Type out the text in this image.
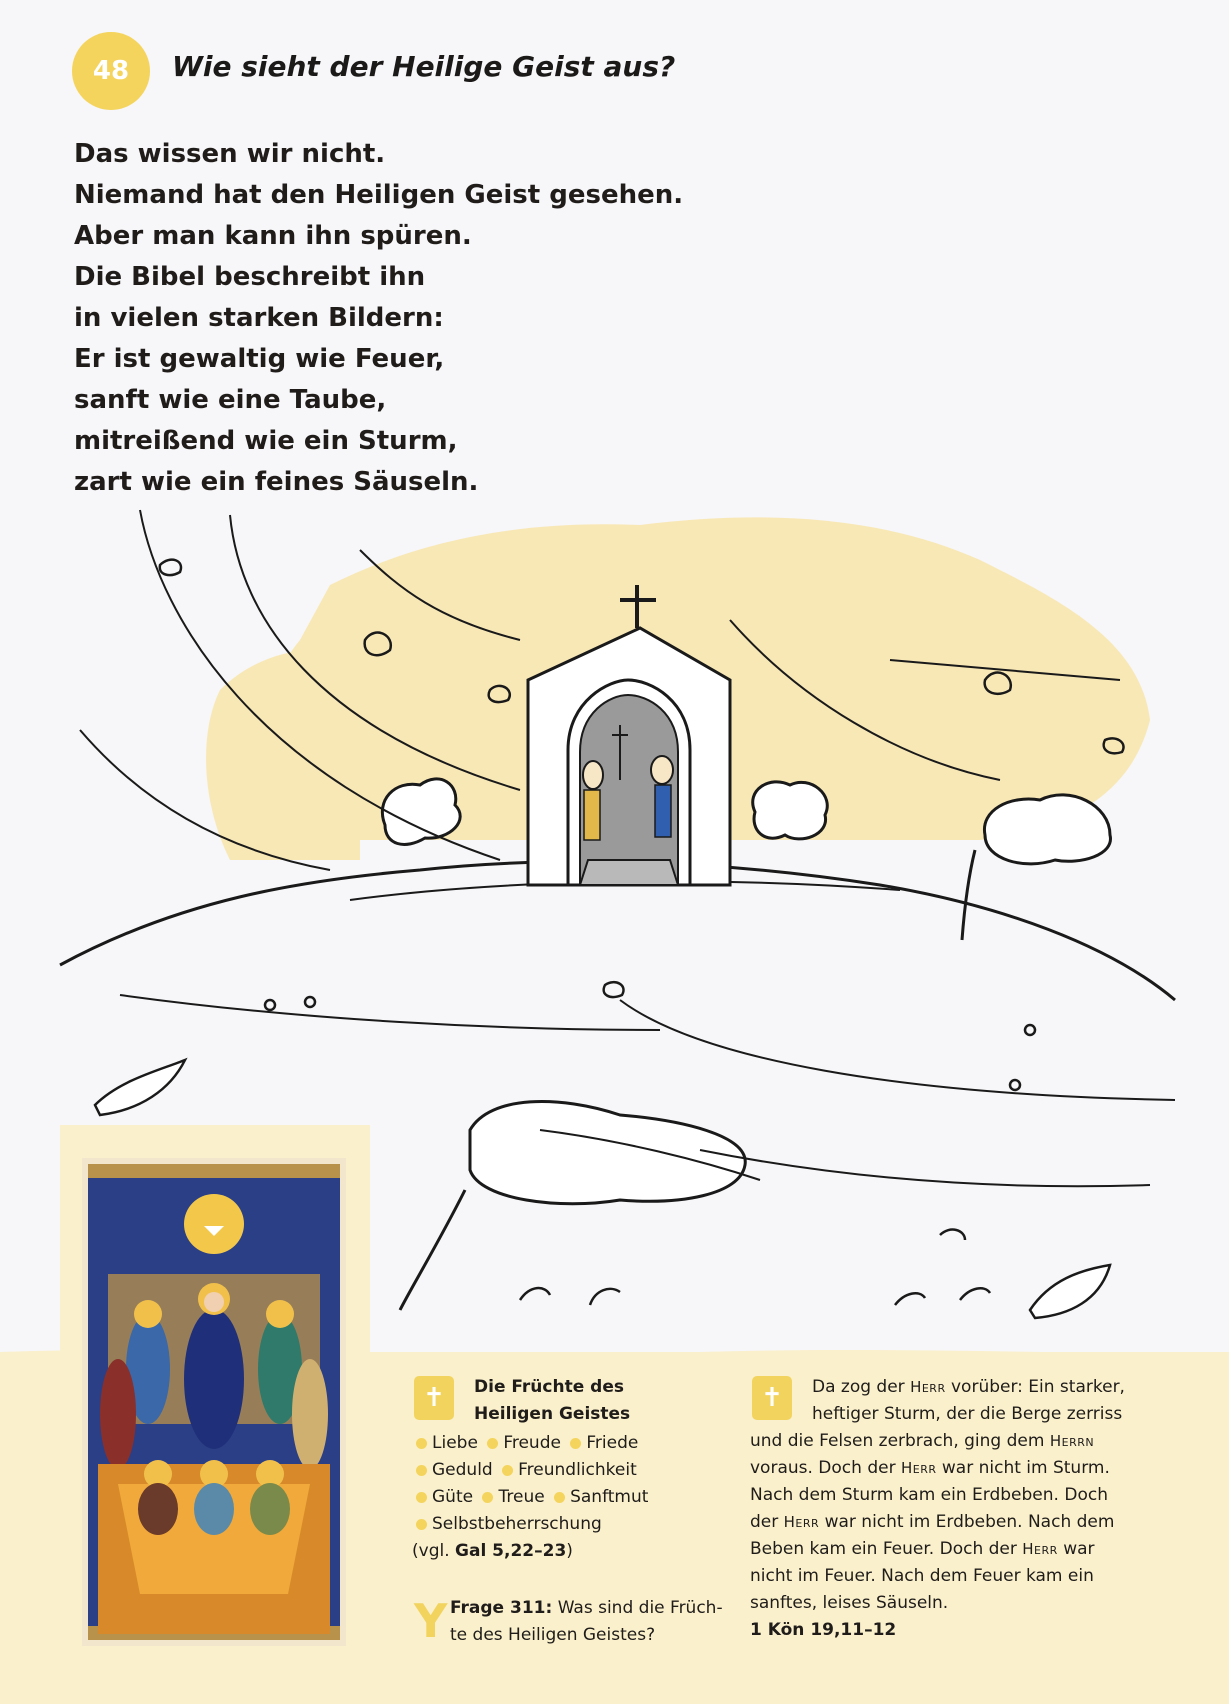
48 Wie sieht der Heilige Geist aus?
Das wissen wir nicht.
Niemand hat den Heiligen Geist gesehen.
Aber man kann ihn spüren.
Die Bibel beschreibt ihn
in vielen starken Bildern:
Er ist gewaltig wie Feuer,
sanft wie eine Taube,
mitreißend wie ein Sturm,
zart wie ein feines Säuseln.
✝	Die Früchte des
Heiligen Geistes
Liebe Freude Friede
Geduld Freundlichkeit
Güte Treue Sanftmut
Selbstbeherrschung
(vgl. Gal 5,22–23)
Y Frage 311: Was sind die Früch-
te des Heiligen Geistes?
✝	Da zog der Herr vorüber: Ein starker,
heftiger Sturm, der die Berge zerriss
und die Felsen zerbrach, ging dem Herrn
voraus. Doch der Herr war nicht im Sturm.
Nach dem Sturm kam ein Erdbeben. Doch
der Herr war nicht im Erdbeben. Nach dem
Beben kam ein Feuer. Doch der Herr war
nicht im Feuer. Nach dem Feuer kam ein
sanftes, leises Säuseln.
1 Kön 19,11–12
